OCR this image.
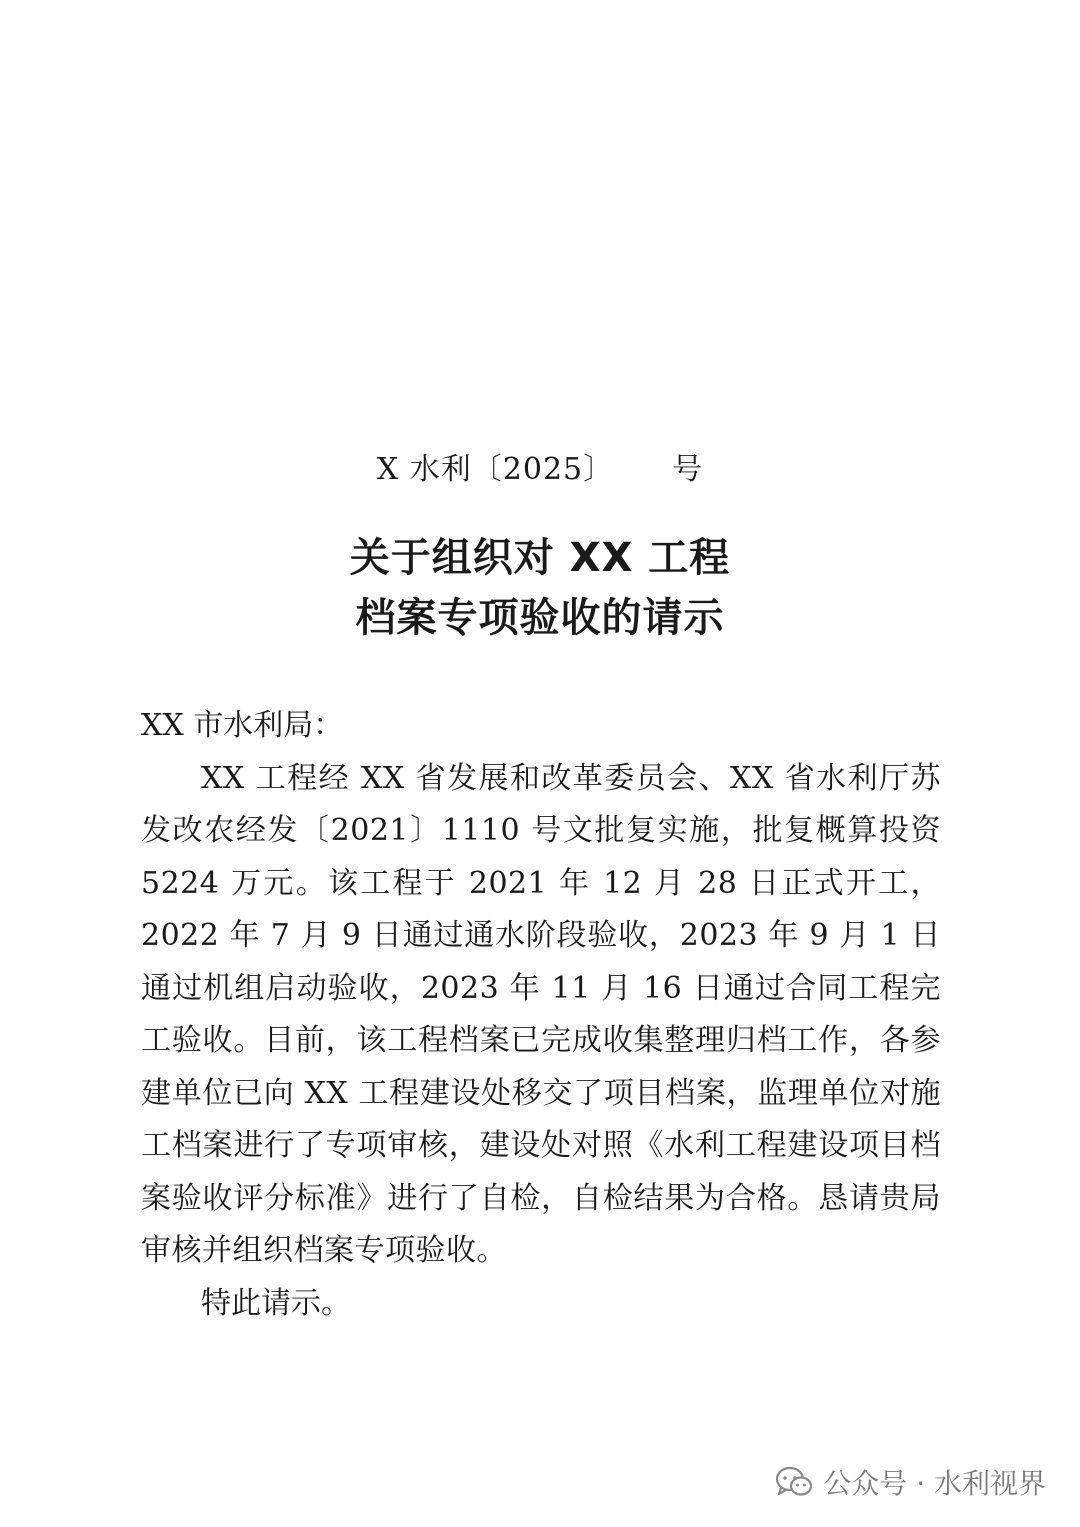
X 水利〔2025〕 号
关于组织对 XX 工程
档案专项验收的请示

XX 市水利局：

XX 工程经 XX 省发展和改革委员会、XX 省水利厅苏发改农经发〔2021〕1110 号文批复实施，批复概算投资 5224 万元。该工程于 2021 年 12 月 28 日正式开工，2022 年 7 月 9 日通过通水阶段验收，2023 年 9 月 1 日通过机组启动验收，2023 年 11 月 16 日通过合同工程完工验收。目前，该工程档案已完成收集整理归档工作，各参建单位已向 XX 工程建设处移交了项目档案，监理单位对施工档案进行了专项审核，建设处对照《水利工程建设项目档案验收评分标准》进行了自检，自检结果为合格。恳请贵局审核并组织档案专项验收。

特此请示。

公众号 · 水利视界
